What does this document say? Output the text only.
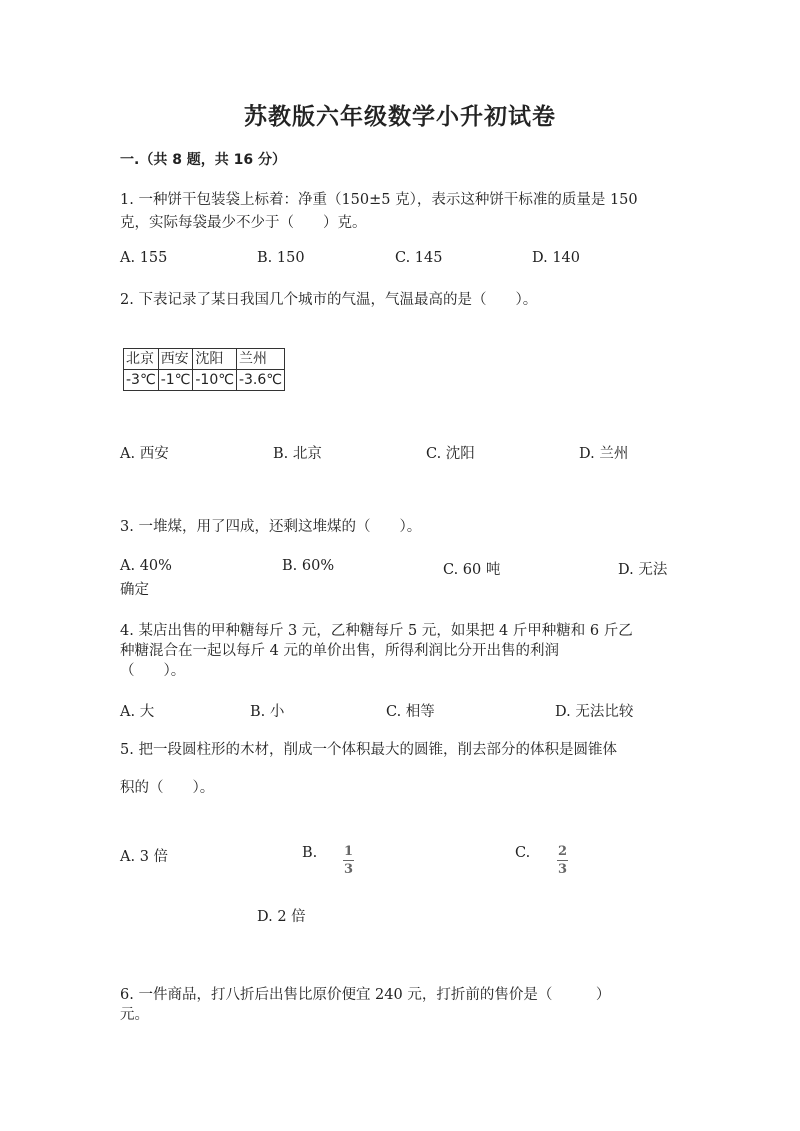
苏教版六年级数学小升初试卷
一.（共 8 题，共 16 分）
1. 一种饼干包装袋上标着：净重（150±5 克），表示这种饼干标准的质量是 150
克，实际每袋最少不少于（　　）克。
A. 155	B. 150	C. 145	D. 140
2. 下表记录了某日我国几个城市的气温，气温最高的是（　　）。
北京	西安	沈阳	兰州
-3℃	-1℃	-10℃	-3.6℃
A. 西安	B. 北京	C. 沈阳	D. 兰州
3. 一堆煤，用了四成，还剩这堆煤的（　　）。
A. 40%	B. 60%	C. 60 吨	D. 无法
确定
4. 某店出售的甲种糖每斤 3 元，乙种糖每斤 5 元，如果把 4 斤甲种糖和 6 斤乙
种糖混合在一起以每斤 4 元的单价出售，所得利润比分开出售的利润
（　　）。
A. 大	B. 小	C. 相等	D. 无法比较
5. 把一段圆柱形的木材，削成一个体积最大的圆锥，削去部分的体积是圆锥体
积的（　　）。
A. 3 倍	B. $\frac{1}{3}$	C. $\frac{2}{3}$
D. 2 倍
6. 一件商品，打八折后出售比原价便宜 240 元，打折前的售价是（　　　）
元。
